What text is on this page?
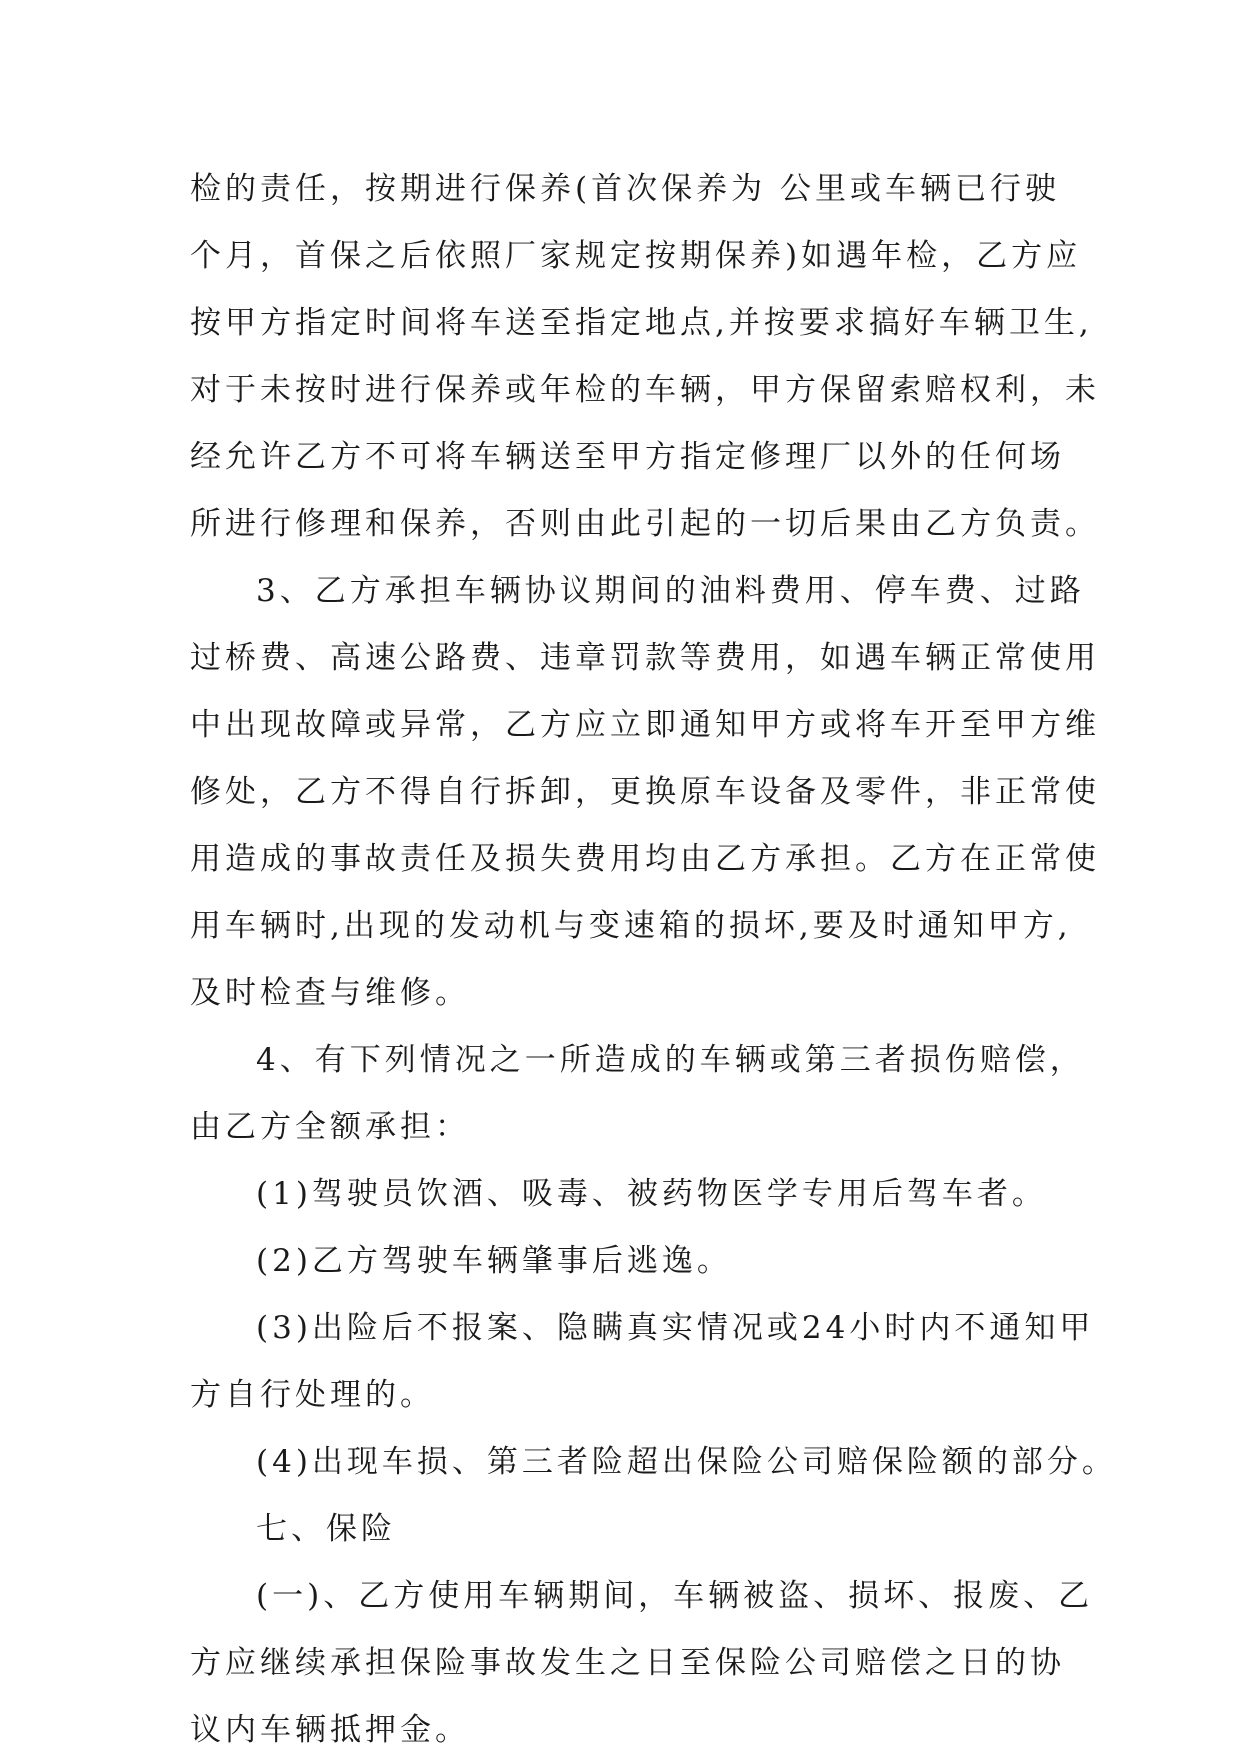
检的责任，按期进行保养(首次保养为 公里或车辆已行驶
个月，首保之后依照厂家规定按期保养)如遇年检，乙方应
按甲方指定时间将车送至指定地点,并按要求搞好车辆卫生,
对于未按时进行保养或年检的车辆，甲方保留索赔权利，未
经允许乙方不可将车辆送至甲方指定修理厂以外的任何场
所进行修理和保养，否则由此引起的一切后果由乙方负责。
3、乙方承担车辆协议期间的油料费用、停车费、过路
过桥费、高速公路费、违章罚款等费用，如遇车辆正常使用
中出现故障或异常，乙方应立即通知甲方或将车开至甲方维
修处，乙方不得自行拆卸，更换原车设备及零件，非正常使
用造成的事故责任及损失费用均由乙方承担。乙方在正常使
用车辆时,出现的发动机与变速箱的损坏,要及时通知甲方,
及时检查与维修。
4、有下列情况之一所造成的车辆或第三者损伤赔偿，
由乙方全额承担：
(1)驾驶员饮酒、吸毒、被药物医学专用后驾车者。
(2)乙方驾驶车辆肇事后逃逸。
(3)出险后不报案、隐瞒真实情况或24小时内不通知甲
方自行处理的。
(4)出现车损、第三者险超出保险公司赔保险额的部分。
七、保险
(一)、乙方使用车辆期间，车辆被盗、损坏、报废、乙
方应继续承担保险事故发生之日至保险公司赔偿之日的协
议内车辆抵押金。
